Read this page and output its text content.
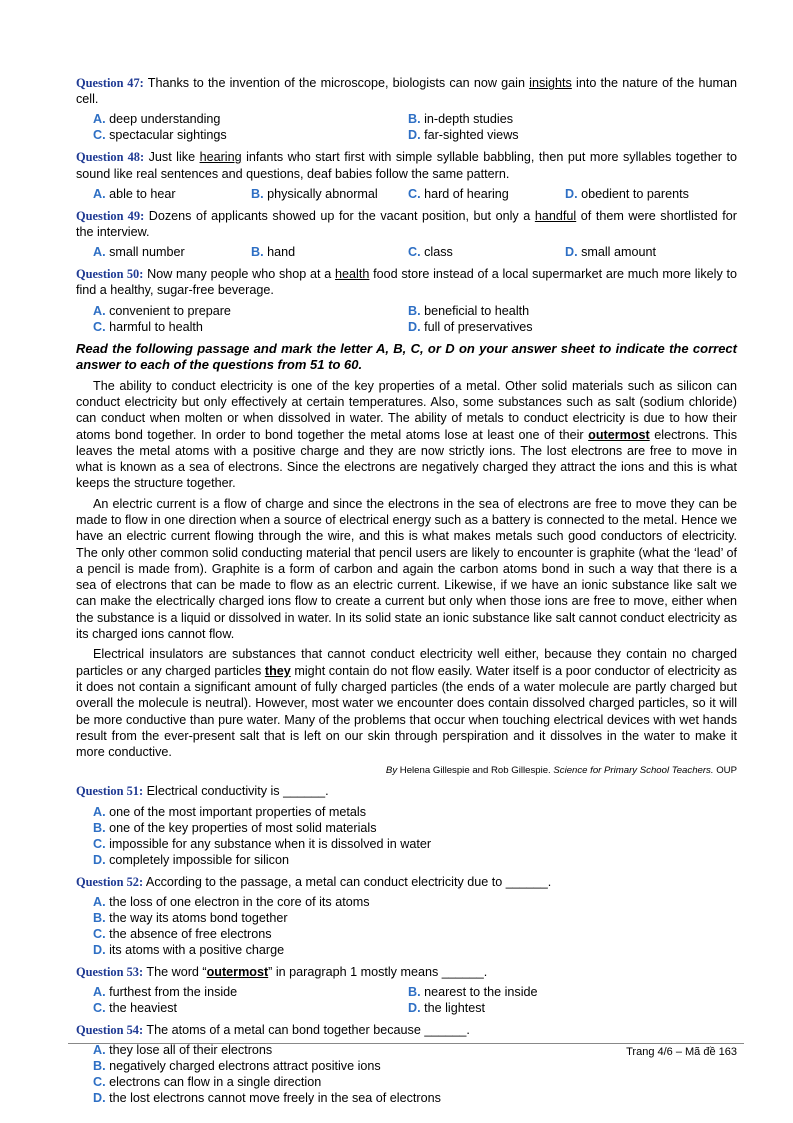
Question 47: Thanks to the invention of the microscope, biologists can now gain insights into the nature of the human cell.

A. deep understanding	B. in-depth studies
C. spectacular sightings	D. far-sighted views

Question 48: Just like hearing infants who start first with simple syllable babbling, then put more syllables together to sound like real sentences and questions, deaf babies follow the same pattern.

A. able to hear	B. physically abnormal	C. hard of hearing	D. obedient to parents

Question 49: Dozens of applicants showed up for the vacant position, but only a handful of them were shortlisted for the interview.

A. small number	B. hand	C. class	D. small amount

Question 50: Now many people who shop at a health food store instead of a local supermarket are much more likely to find a healthy, sugar-free beverage.

A. convenient to prepare	B. beneficial to health
C. harmful to health	D. full of preservatives

Read the following passage and mark the letter A, B, C, or D on your answer sheet to indicate the correct answer to each of the questions from 51 to 60.

The ability to conduct electricity is one of the key properties of a metal. Other solid materials such as silicon can conduct electricity but only effectively at certain temperatures. Also, some substances such as salt (sodium chloride) can conduct when molten or when dissolved in water. The ability of metals to conduct electricity is due to how their atoms bond together. In order to bond together the metal atoms lose at least one of their outermost electrons. This leaves the metal atoms with a positive charge and they are now strictly ions. The lost electrons are free to move in what is known as a sea of electrons. Since the electrons are negatively charged they attract the ions and this is what keeps the structure together.

An electric current is a flow of charge and since the electrons in the sea of electrons are free to move they can be made to flow in one direction when a source of electrical energy such as a battery is connected to the metal. Hence we have an electric current flowing through the wire, and this is what makes metals such good conductors of electricity. The only other common solid conducting material that pencil users are likely to encounter is graphite (what the ‘lead’ of a pencil is made from). Graphite is a form of carbon and again the carbon atoms bond in such a way that there is a sea of electrons that can be made to flow as an electric current. Likewise, if we have an ionic substance like salt we can make the electrically charged ions flow to create a current but only when those ions are free to move, either when the substance is a liquid or dissolved in water. In its solid state an ionic substance like salt cannot conduct electricity as its charged ions cannot flow.

Electrical insulators are substances that cannot conduct electricity well either, because they contain no charged particles or any charged particles they might contain do not flow easily. Water itself is a poor conductor of electricity as it does not contain a significant amount of fully charged particles (the ends of a water molecule are partly charged but overall the molecule is neutral). However, most water we encounter does contain dissolved charged particles, so it will be more conductive than pure water. Many of the problems that occur when touching electrical devices with wet hands result from the ever-present salt that is left on our skin through perspiration and it dissolves in the water to make it more conductive.

By Helena Gillespie and Rob Gillespie. Science for Primary School Teachers. OUP

Question 51: Electrical conductivity is ______.

A. one of the most important properties of metals
B. one of the key properties of most solid materials
C. impossible for any substance when it is dissolved in water
D. completely impossible for silicon

Question 52: According to the passage, a metal can conduct electricity due to ______.

A. the loss of one electron in the core of its atoms
B. the way its atoms bond together
C. the absence of free electrons
D. its atoms with a positive charge

Question 53: The word “outermost” in paragraph 1 mostly means ______.

A. furthest from the inside	B. nearest to the inside
C. the heaviest	D. the lightest

Question 54: The atoms of a metal can bond together because ______.

A. they lose all of their electrons
B. negatively charged electrons attract positive ions
C. electrons can flow in a single direction
D. the lost electrons cannot move freely in the sea of electrons
Trang 4/6 – Mã đề 163
